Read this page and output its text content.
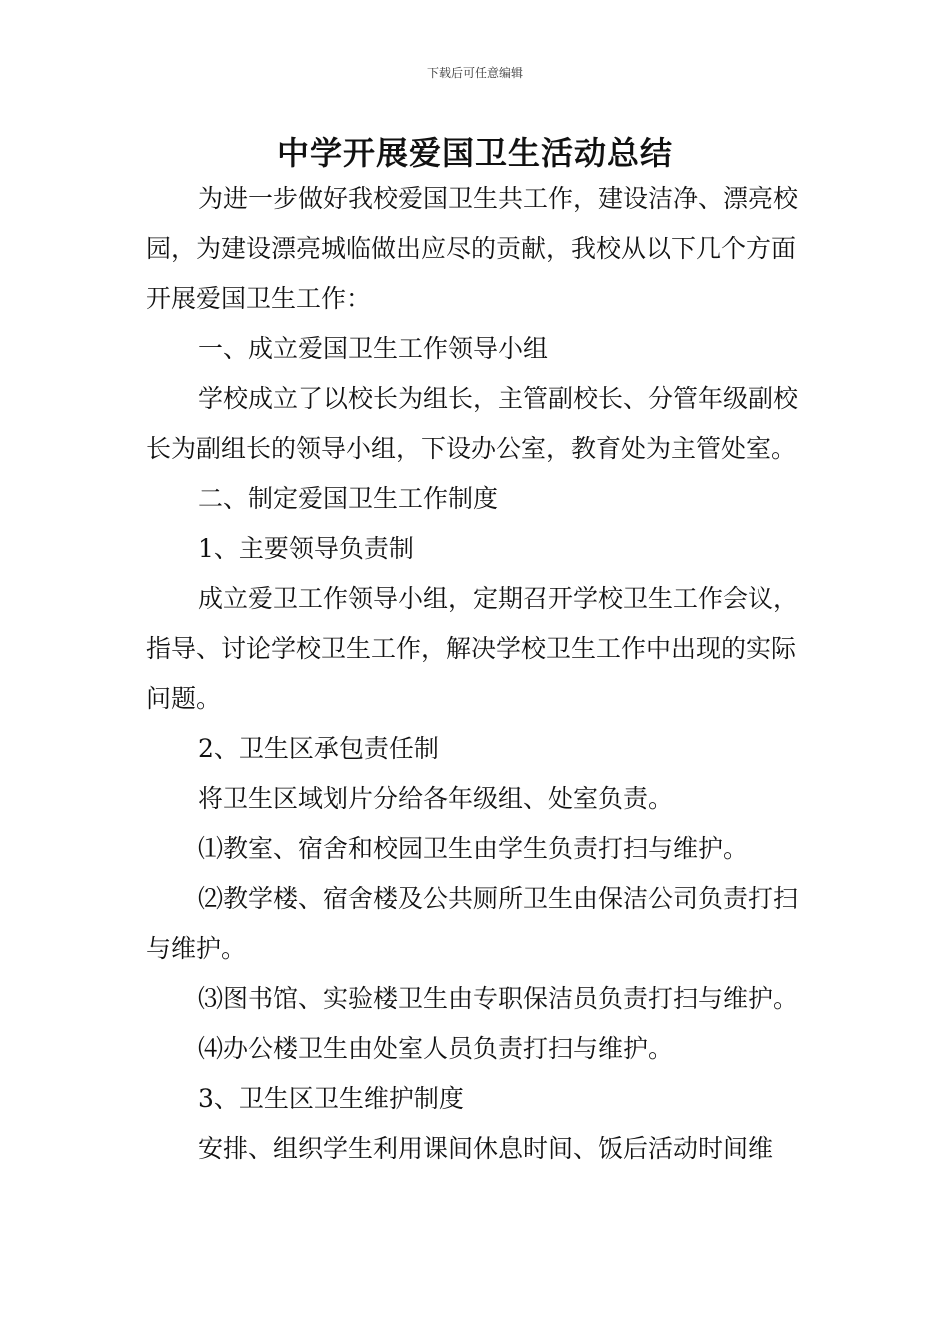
下载后可任意编辑
中学开展爱国卫生活动总结

为进一步做好我校爱国卫生共工作，建设洁净、漂亮校园，为建设漂亮城临做出应尽的贡献，我校从以下几个方面开展爱国卫生工作：

一、成立爱国卫生工作领导小组

学校成立了以校长为组长，主管副校长、分管年级副校长为副组长的领导小组，下设办公室，教育处为主管处室。

二、制定爱国卫生工作制度

1、主要领导负责制

成立爱卫工作领导小组，定期召开学校卫生工作会议，指导、讨论学校卫生工作，解决学校卫生工作中出现的实际问题。

2、卫生区承包责任制

将卫生区域划片分给各年级组、处室负责。

⑴教室、宿舍和校园卫生由学生负责打扫与维护。

⑵教学楼、宿舍楼及公共厕所卫生由保洁公司负责打扫与维护。

⑶图书馆、实验楼卫生由专职保洁员负责打扫与维护。

⑷办公楼卫生由处室人员负责打扫与维护。

3、卫生区卫生维护制度

安排、组织学生利用课间休息时间、饭后活动时间维
